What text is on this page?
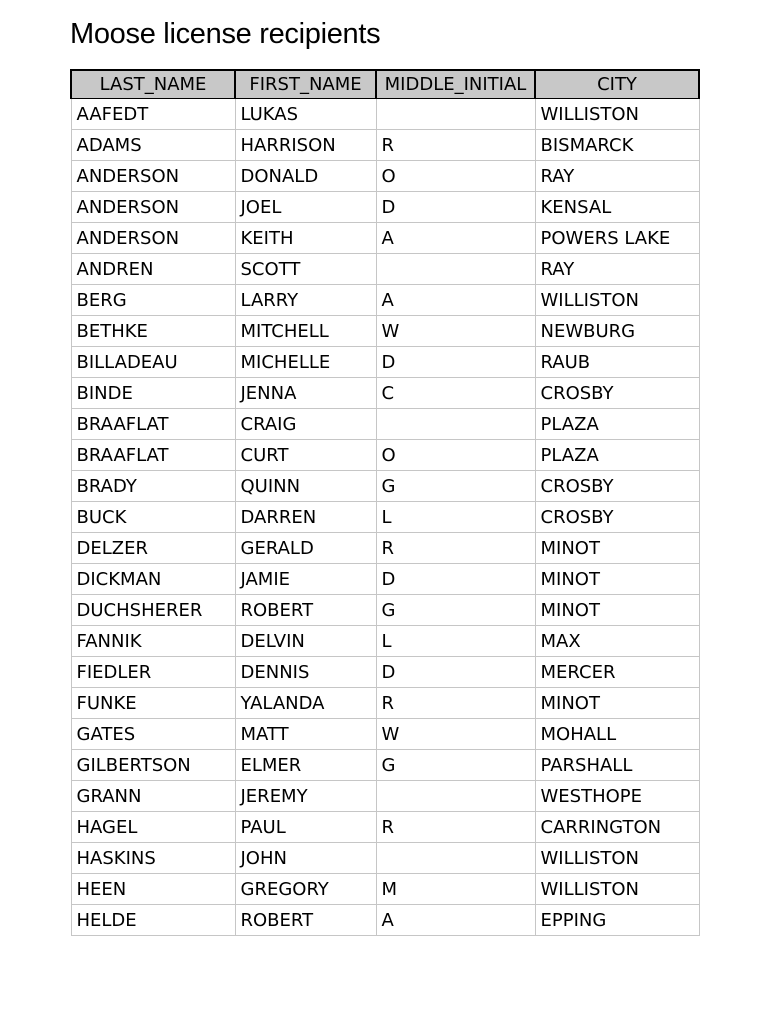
Moose license recipients
LAST_NAME	FIRST_NAME	MIDDLE_INITIAL	CITY
AAFEDT	LUKAS		WILLISTON
ADAMS	HARRISON	R	BISMARCK
ANDERSON	DONALD	O	RAY
ANDERSON	JOEL	D	KENSAL
ANDERSON	KEITH	A	POWERS LAKE
ANDREN	SCOTT		RAY
BERG	LARRY	A	WILLISTON
BETHKE	MITCHELL	W	NEWBURG
BILLADEAU	MICHELLE	D	RAUB
BINDE	JENNA	C	CROSBY
BRAAFLAT	CRAIG		PLAZA
BRAAFLAT	CURT	O	PLAZA
BRADY	QUINN	G	CROSBY
BUCK	DARREN	L	CROSBY
DELZER	GERALD	R	MINOT
DICKMAN	JAMIE	D	MINOT
DUCHSHERER	ROBERT	G	MINOT
FANNIK	DELVIN	L	MAX
FIEDLER	DENNIS	D	MERCER
FUNKE	YALANDA	R	MINOT
GATES	MATT	W	MOHALL
GILBERTSON	ELMER	G	PARSHALL
GRANN	JEREMY		WESTHOPE
HAGEL	PAUL	R	CARRINGTON
HASKINS	JOHN		WILLISTON
HEEN	GREGORY	M	WILLISTON
HELDE	ROBERT	A	EPPING
